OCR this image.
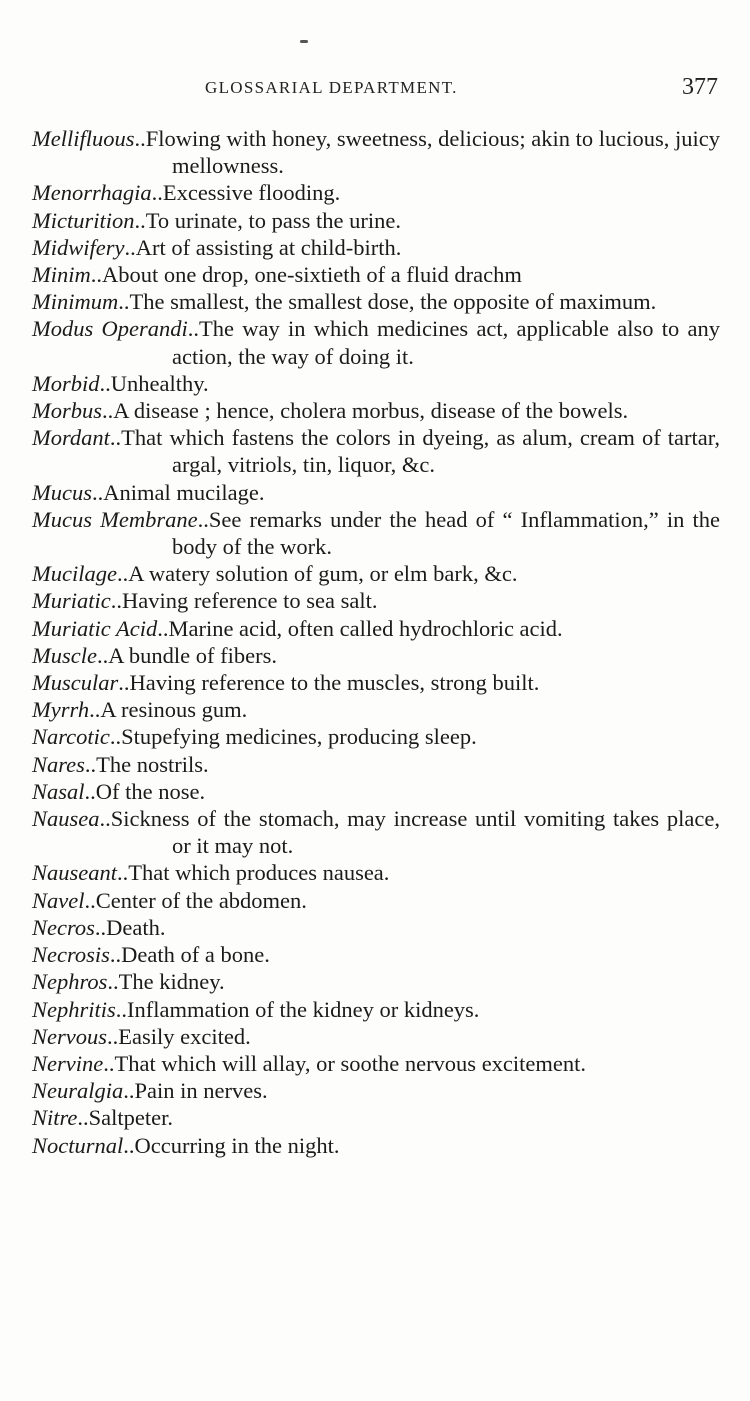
GLOSSARIAL DEPARTMENT.	377

Mellifluous..Flowing with honey, sweetness, delicious; akin to lucious, juicy mellowness.

Menorrhagia..Excessive flooding.

Micturition..To urinate, to pass the urine.

Midwifery..Art of assisting at child-birth.

Minim..About one drop, one-sixtieth of a fluid drachm

Minimum..The smallest, the smallest dose, the opposite of maximum.

Modus Operandi..The way in which medicines act, applicable also to any action, the way of doing it.

Morbid..Unhealthy.

Morbus..A disease ; hence, cholera morbus, disease of the bowels.

Mordant..That which fastens the colors in dyeing, as alum, cream of tartar, argal, vitriols, tin, liquor, &c.

Mucus..Animal mucilage.

Mucus Membrane..See remarks under the head of “ Inflammation,” in the body of the work.

Mucilage..A watery solution of gum, or elm bark, &c.

Muriatic..Having reference to sea salt.

Muriatic Acid..Marine acid, often called hydrochloric acid.

Muscle..A bundle of fibers.

Muscular..Having reference to the muscles, strong built.

Myrrh..A resinous gum.

Narcotic..Stupefying medicines, producing sleep.

Nares..The nostrils.

Nasal..Of the nose.

Nausea..Sickness of the stomach, may increase until vomiting takes place, or it may not.

Nauseant..That which produces nausea.

Navel..Center of the abdomen.

Necros..Death.

Necrosis..Death of a bone.

Nephros..The kidney.

Nephritis..Inflammation of the kidney or kidneys.

Nervous..Easily excited.

Nervine..That which will allay, or soothe nervous excitement.

Neuralgia..Pain in nerves.

Nitre..Saltpeter.

Nocturnal..Occurring in the night.
